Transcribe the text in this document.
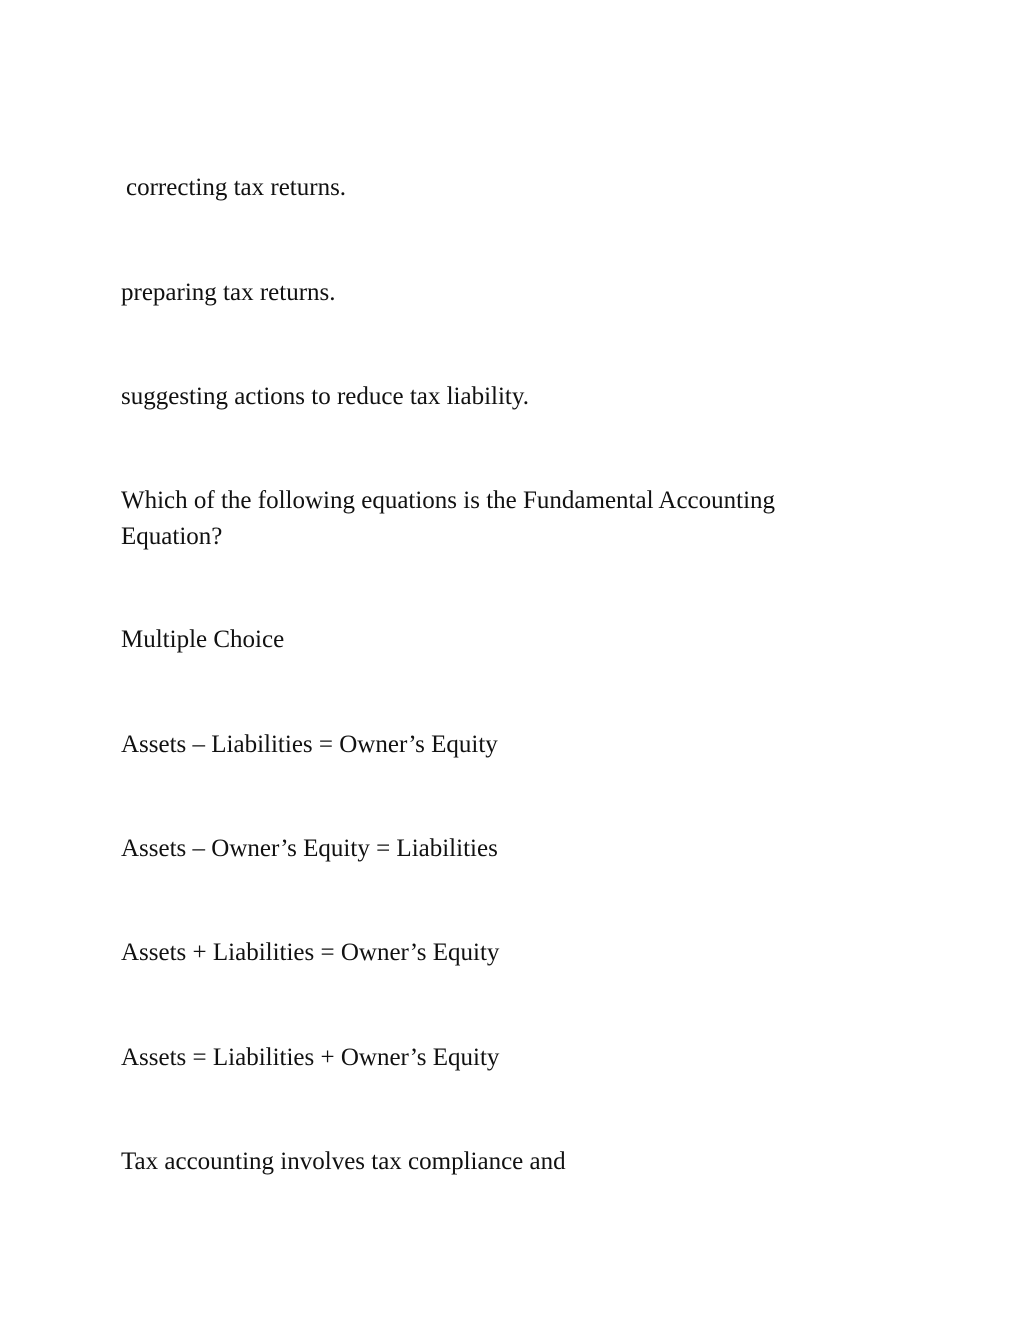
correcting tax returns.

preparing tax returns.

suggesting actions to reduce tax liability.

Which of the following equations is the Fundamental Accounting Equation?

Multiple Choice

Assets – Liabilities = Owner’s Equity

Assets – Owner’s Equity = Liabilities

Assets + Liabilities = Owner’s Equity

Assets = Liabilities + Owner’s Equity

Tax accounting involves tax compliance and
